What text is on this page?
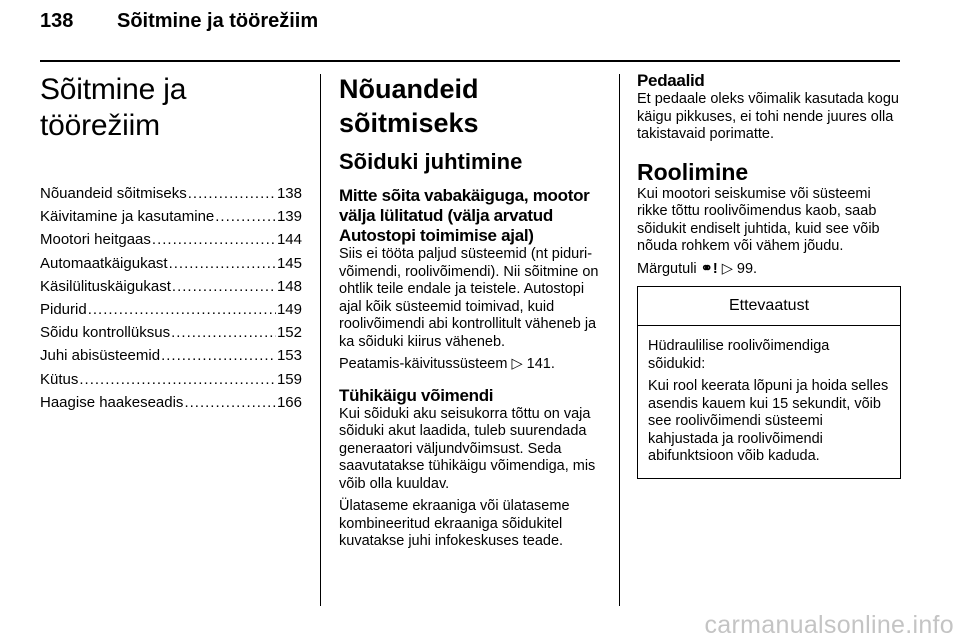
138 Sõitmine ja töörežiim
Sõitmine ja töörežiim
Nõuandeid sõitmiseks .....	138
Käivitamine ja kasutamine .....	139
Mootori heitgaas .....	144
Automaatkäigukast .....	145
Käsilülituskäigukast .....	148
Pidurid .....	149
Sõidu kontrollüksus .....	152
Juhi abisüsteemid .....	153
Kütus .....	159
Haagise haakeseadis .....	166
Nõuandeid sõitmiseks
Sõiduki juhtimine
Mitte sõita vabakäiguga, mootor välja lülitatud (välja arvatud Autostopi toimimise ajal)

Siis ei tööta paljud süsteemid (nt pidurivõimendi, roolivõimendi). Nii sõitmine on ohtlik teile endale ja teistele. Autostopi ajal kõik süsteemid toimivad, kuid roolivõimendi abi kontrollitult väheneb ja ka sõiduki kiirus väheneb.

Peatamis-käivitussüsteem ▷ 141.

Tühikäigu võimendi

Kui sõiduki aku seisukorra tõttu on vaja sõiduki akut laadida, tuleb suurendada generaatori väljundvõimsust. Seda saavutatakse tühikäigu võimendiga, mis võib olla kuuldav.

Ülataseme ekraaniga või ülataseme kombineeritud ekraaniga sõidukitel kuvatakse juhi infokeskuses teade.

Pedaalid

Et pedaale oleks võimalik kasutada kogu käigu pikkuses, ei tohi nende juures olla takistavaid porimatte.

Roolimine

Kui mootori seiskumise või süsteemi rikke tõttu roolivõimendus kaob, saab sõidukit endiselt juhtida, kuid see võib nõuda rohkem või vähem jõudu.

Märgutuli ⚭! ▷ 99.

Ettevaatust

Hüdraulilise roolivõimendiga sõidukid:

Kui rool keerata lõpuni ja hoida selles asendis kauem kui 15 sekundit, võib see roolivõimendi süsteemi kahjustada ja roolivõimendi abifunktsioon võib kaduda.

carmanualsonline.info
